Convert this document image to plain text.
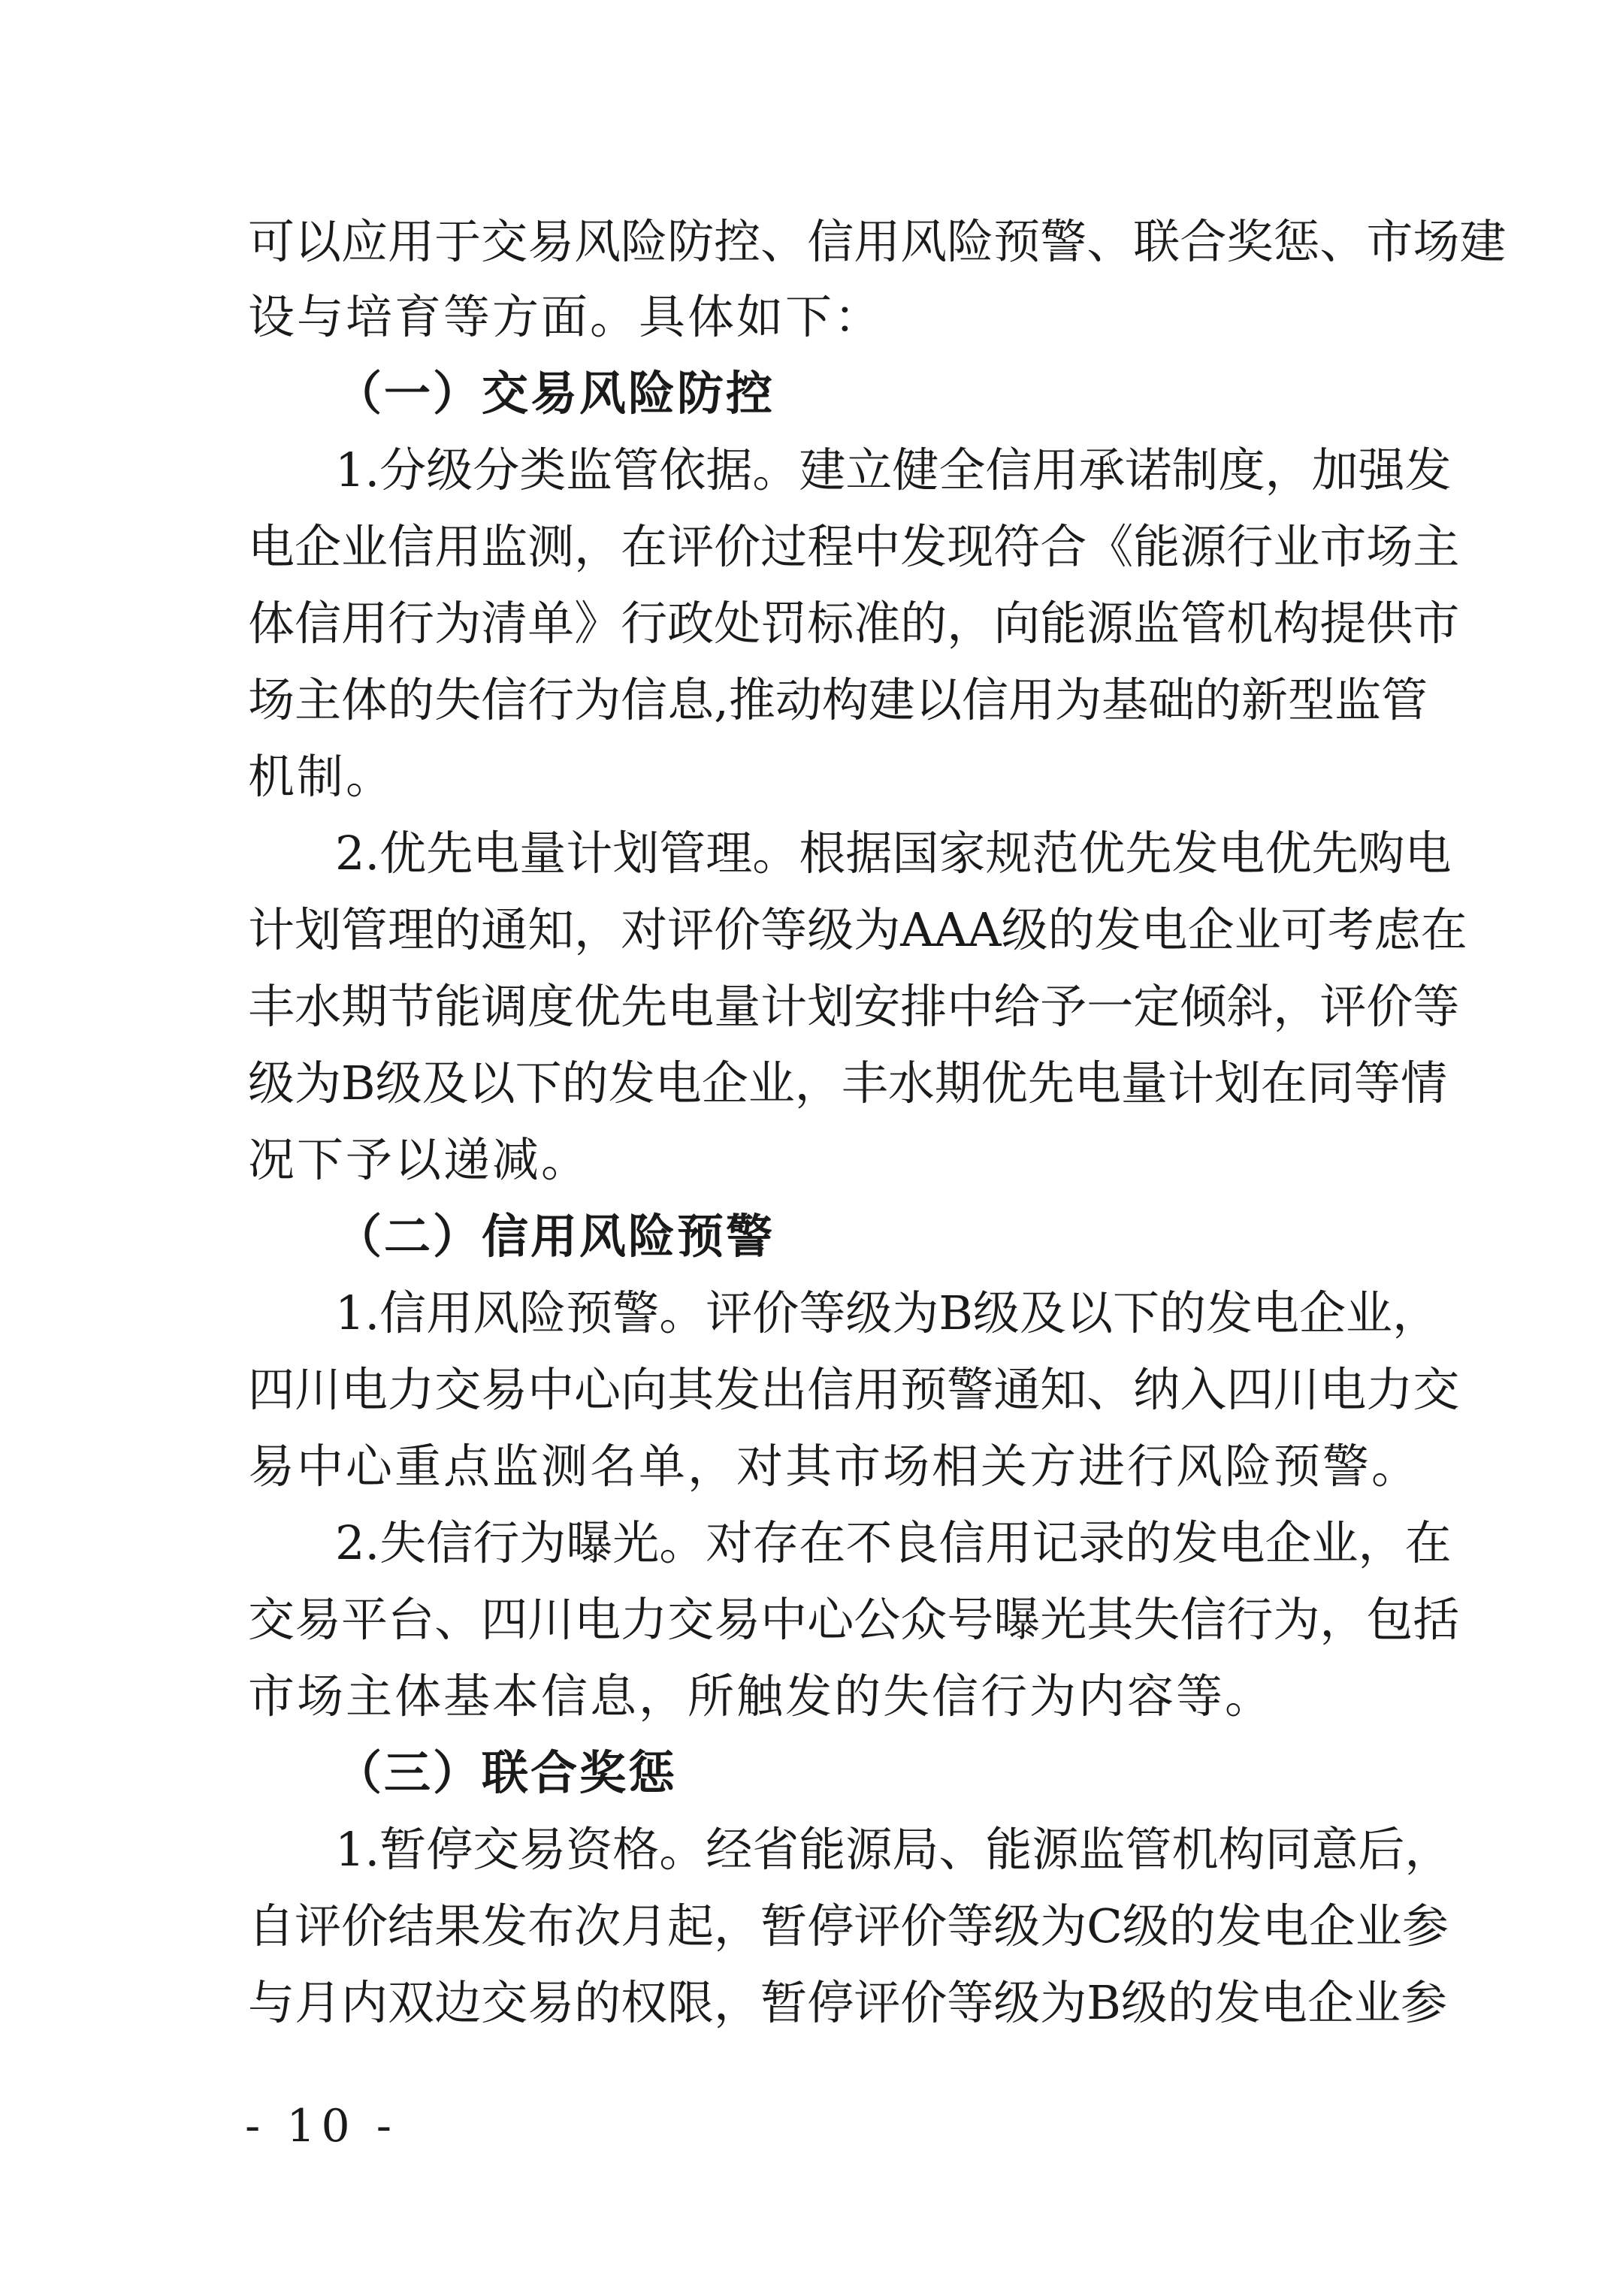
可 以 应 用 于 交 易 风 险 防 控 、 信 用 风 险 预 警 、 联 合 奖 惩 、 市 场 建
设与培育等方面。具体如下：
（一）交易风险防控
1 . 分 级 分 类 监 管 依 据 。 建 立 健 全 信 用 承 诺 制 度 ， 加 强 发
电 企 业 信 用 监 测 ， 在 评 价 过 程 中 发 现 符 合 《 能 源 行 业 市 场 主
体 信 用 行 为 清 单 》 行 政 处 罚 标 准 的 ， 向 能 源 监 管 机 构 提 供 市
场 主 体 的 失 信 行 为 信 息 , 推 动 构 建 以 信 用 为 基 础 的 新 型 监 管
机制。
2 . 优 先 电 量 计 划 管 理 。 根 据 国 家 规 范 优 先 发 电 优 先 购 电
计 划 管 理 的 通 知 ， 对 评 价 等 级 为 A A A 级 的 发 电 企 业 可 考 虑 在
丰 水 期 节 能 调 度 优 先 电 量 计 划 安 排 中 给 予 一 定 倾 斜 ， 评 价 等
级 为 B 级 及 以 下 的 发 电 企 业 ， 丰 水 期 优 先 电 量 计 划 在 同 等 情
况下予以递减。
（二）信用风险预警
1 . 信 用 风 险 预 警 。 评 价 等 级 为 B 级 及 以 下 的 发 电 企 业 ，
四 川 电 力 交 易 中 心 向 其 发 出 信 用 预 警 通 知 、 纳 入 四 川 电 力 交
易中心重点监测名单，对其市场相关方进行风险预警。
2 . 失 信 行 为 曝 光 。 对 存 在 不 良 信 用 记 录 的 发 电 企 业 ， 在
交 易 平 台 、 四 川 电 力 交 易 中 心 公 众 号 曝 光 其 失 信 行 为 ， 包 括
市场主体基本信息，所触发的失信行为内容等。
（三）联合奖惩
1 . 暂 停 交 易 资 格 。 经 省 能 源 局 、 能 源 监 管 机 构 同 意 后 ，
自 评 价 结 果 发 布 次 月 起 ， 暂 停 评 价 等 级 为 C 级 的 发 电 企 业 参
与 月 内 双 边 交 易 的 权 限 ， 暂 停 评 价 等 级 为 B 级 的 发 电 企 业 参
- 10 -
